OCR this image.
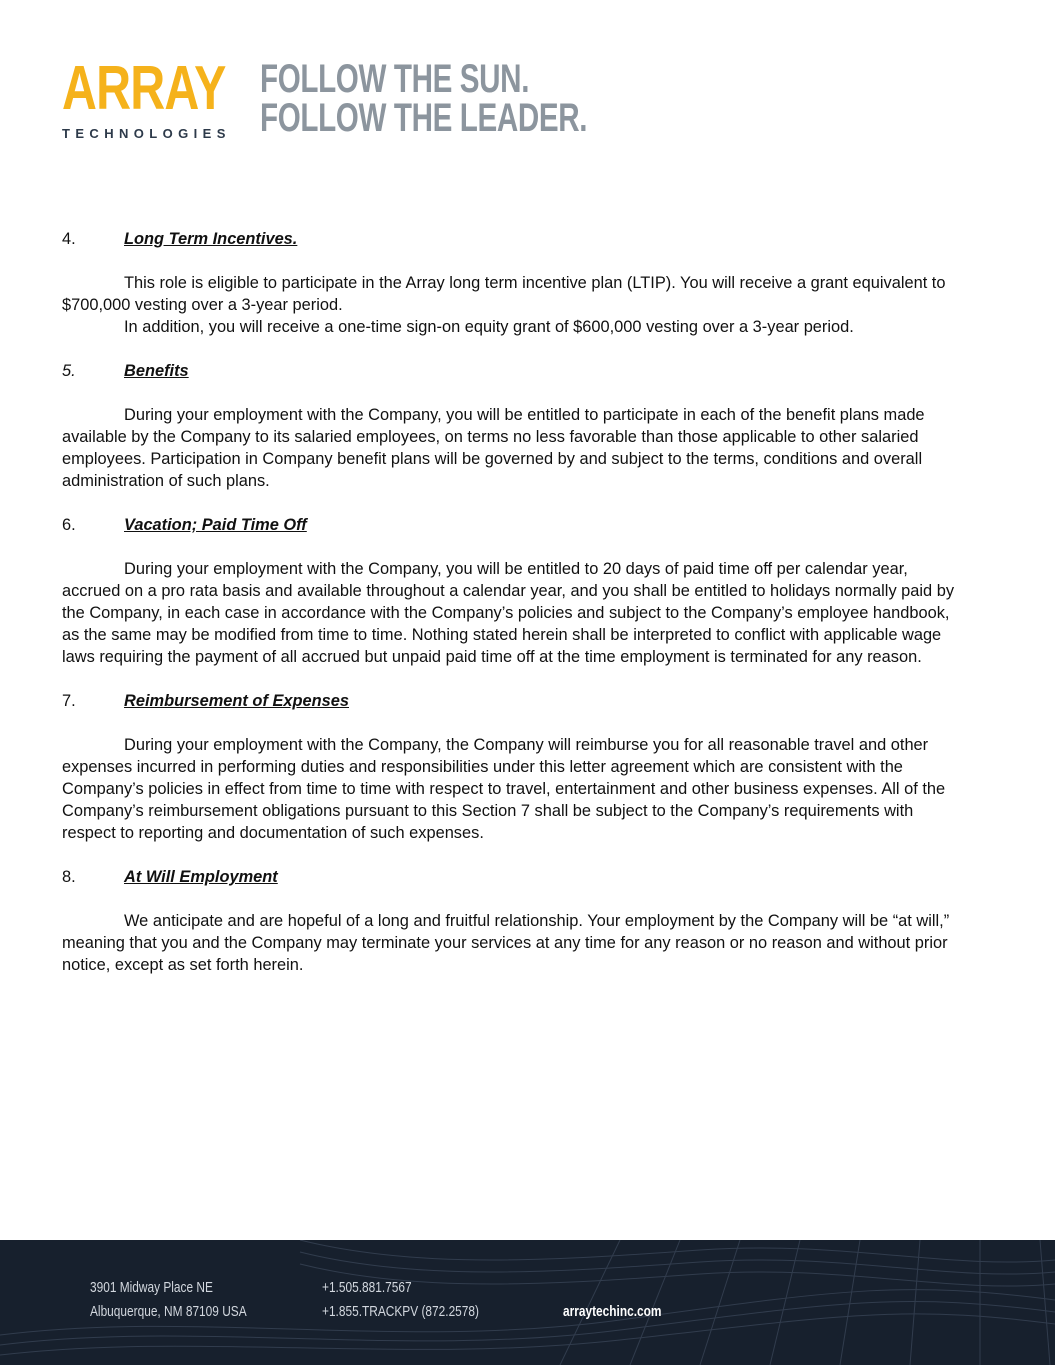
ARRAY
TECHNOLOGIES
FOLLOW THE SUN.
FOLLOW THE LEADER.
4.	Long Term Incentives.

This role is eligible to participate in the Array long term incentive plan (LTIP). You will receive a grant equivalent to $700,000 vesting over a 3-year period.

In addition, you will receive a one-time sign-on equity grant of $600,000 vesting over a 3-year period.

5.	Benefits

During your employment with the Company, you will be entitled to participate in each of the benefit plans made available by the Company to its salaried employees, on terms no less favorable than those applicable to other salaried employees. Participation in Company benefit plans will be governed by and subject to the terms, conditions and overall administration of such plans.

6.	Vacation; Paid Time Off

During your employment with the Company, you will be entitled to 20 days of paid time off per calendar year, accrued on a pro rata basis and available throughout a calendar year, and you shall be entitled to holidays normally paid by the Company, in each case in accordance with the Company’s policies and subject to the Company’s employee handbook, as the same may be modified from time to time. Nothing stated herein shall be interpreted to conflict with applicable wage laws requiring the payment of all accrued but unpaid paid time off at the time employment is terminated for any reason.

7.	Reimbursement of Expenses

During your employment with the Company, the Company will reimburse you for all reasonable travel and other expenses incurred in performing duties and responsibilities under this letter agreement which are consistent with the Company’s policies in effect from time to time with respect to travel, entertainment and other business expenses. All of the Company’s reimbursement obligations pursuant to this Section 7 shall be subject to the Company’s requirements with respect to reporting and documentation of such expenses.

8.	At Will Employment

We anticipate and are hopeful of a long and fruitful relationship. Your employment by the Company will be “at will,” meaning that you and the Company may terminate your services at any time for any reason or no reason and without prior notice, except as set forth herein.

3901 Midway Place NE
Albuquerque, NM 87109 USA
+1.505.881.7567
+1.855.TRACKPV (872.2578)	arraytechinc.com
